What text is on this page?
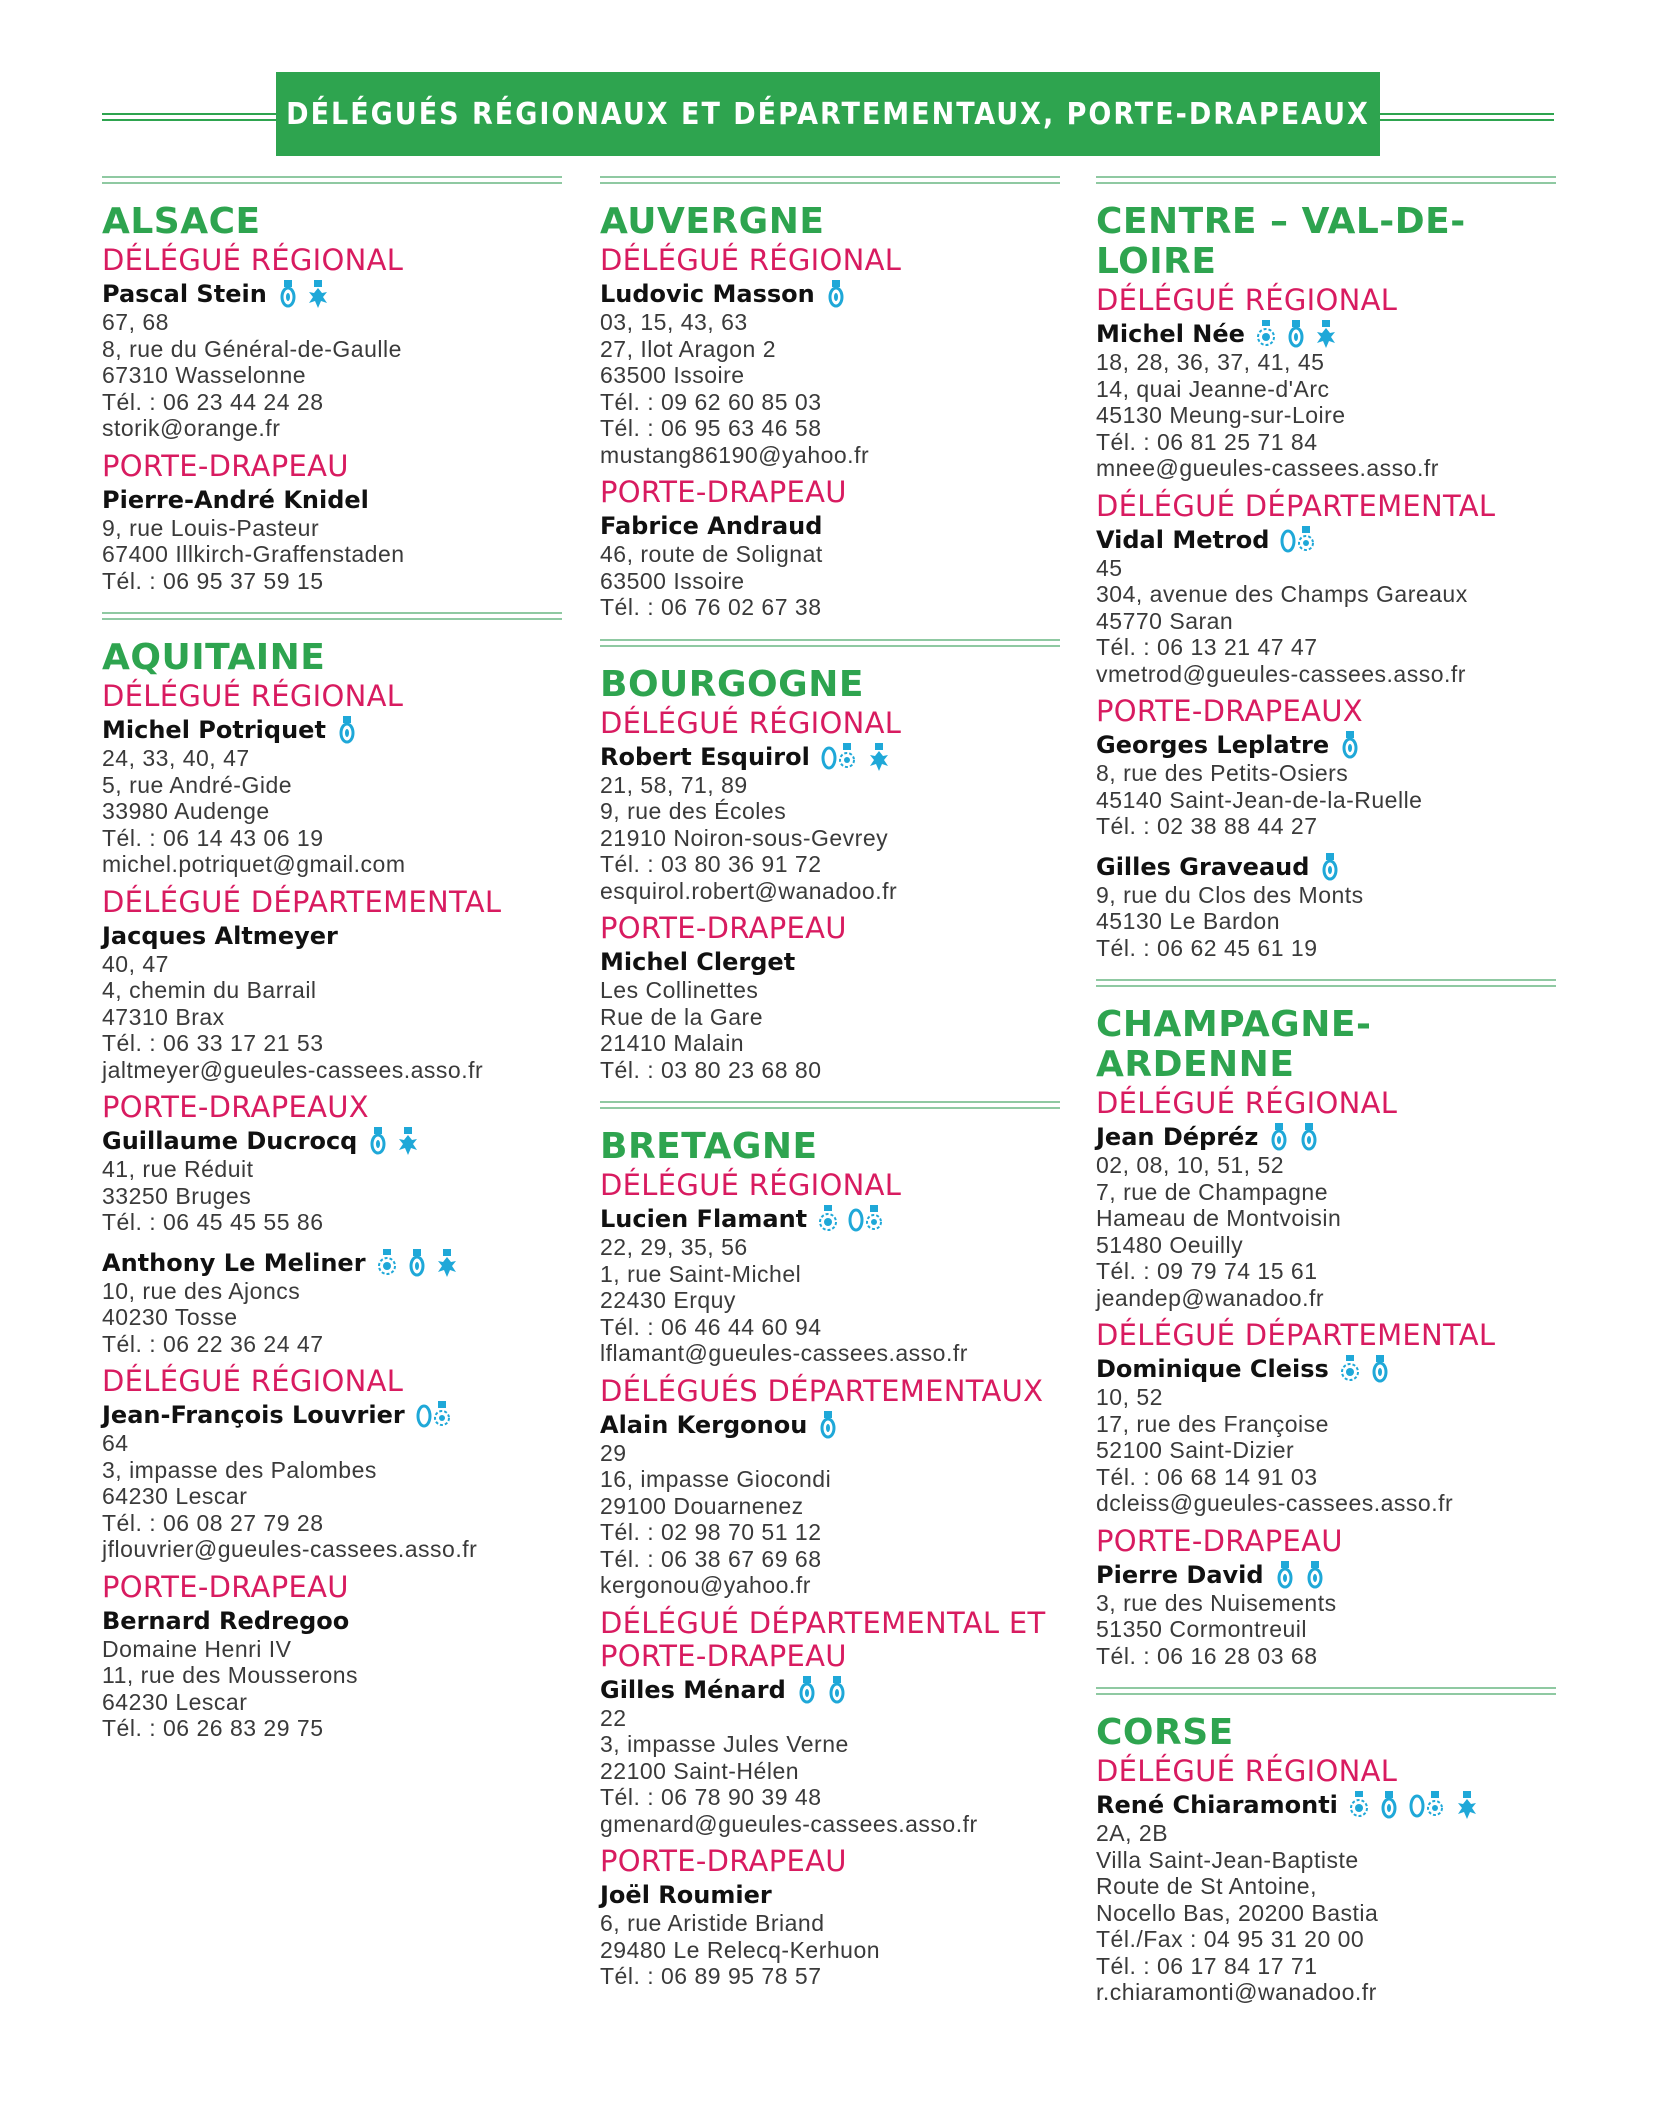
DÉLÉGUÉS RÉGIONAUX ET DÉPARTEMENTAUX, PORTE-DRAPEAUX
ALSACE
DÉLÉGUÉ RÉGIONAL
Pascal Stein
67, 68
8, rue du Général-de-Gaulle
67310 Wasselonne
Tél. : 06 23 44 24 28
storik@orange.fr
PORTE-DRAPEAU
Pierre-André Knidel
9, rue Louis-Pasteur
67400 Illkirch-Graffenstaden
Tél. : 06 95 37 59 15
AQUITAINE
DÉLÉGUÉ RÉGIONAL
Michel Potriquet
24, 33, 40, 47
5, rue André-Gide
33980 Audenge
Tél. : 06 14 43 06 19
michel.potriquet@gmail.com
DÉLÉGUÉ DÉPARTEMENTAL
Jacques Altmeyer
40, 47
4, chemin du Barrail
47310 Brax
Tél. : 06 33 17 21 53
jaltmeyer@gueules-cassees.asso.fr
PORTE-DRAPEAUX
Guillaume Ducrocq
41, rue Réduit
33250 Bruges
Tél. : 06 45 45 55 86
Anthony Le Meliner
10, rue des Ajoncs
40230 Tosse
Tél. : 06 22 36 24 47
DÉLÉGUÉ RÉGIONAL
Jean-François Louvrier
64
3, impasse des Palombes
64230 Lescar
Tél. : 06 08 27 79 28
jflouvrier@gueules-cassees.asso.fr
PORTE-DRAPEAU
Bernard Redregoo
Domaine Henri IV
11, rue des Mousserons
64230 Lescar
Tél. : 06 26 83 29 75
AUVERGNE
DÉLÉGUÉ RÉGIONAL
Ludovic Masson
03, 15, 43, 63
27, Ilot Aragon 2
63500 Issoire
Tél. : 09 62 60 85 03
Tél. : 06 95 63 46 58
mustang86190@yahoo.fr
PORTE-DRAPEAU
Fabrice Andraud
46, route de Solignat
63500 Issoire
Tél. : 06 76 02 67 38
BOURGOGNE
DÉLÉGUÉ RÉGIONAL
Robert Esquirol
21, 58, 71, 89
9, rue des Écoles
21910 Noiron-sous-Gevrey
Tél. : 03 80 36 91 72
esquirol.robert@wanadoo.fr
PORTE-DRAPEAU
Michel Clerget
Les Collinettes
Rue de la Gare
21410 Malain
Tél. : 03 80 23 68 80
BRETAGNE
DÉLÉGUÉ RÉGIONAL
Lucien Flamant
22, 29, 35, 56
1, rue Saint-Michel
22430 Erquy
Tél. : 06 46 44 60 94
lflamant@gueules-cassees.asso.fr
DÉLÉGUÉS DÉPARTEMENTAUX
Alain Kergonou
29
16, impasse Giocondi
29100 Douarnenez
Tél. : 02 98 70 51 12
Tél. : 06 38 67 69 68
kergonou@yahoo.fr
DÉLÉGUÉ DÉPARTEMENTAL ET PORTE-DRAPEAU
Gilles Ménard
22
3, impasse Jules Verne
22100 Saint-Hélen
Tél. : 06 78 90 39 48
gmenard@gueules-cassees.asso.fr
PORTE-DRAPEAU
Joël Roumier
6, rue Aristide Briand
29480 Le Relecq-Kerhuon
Tél. : 06 89 95 78 57
CENTRE – VAL-DE-LOIRE
DÉLÉGUÉ RÉGIONAL
Michel Née
18, 28, 36, 37, 41, 45
14, quai Jeanne-d'Arc
45130 Meung-sur-Loire
Tél. : 06 81 25 71 84
mnee@gueules-cassees.asso.fr
DÉLÉGUÉ DÉPARTEMENTAL
Vidal Metrod
45
304, avenue des Champs Gareaux
45770 Saran
Tél. : 06 13 21 47 47
vmetrod@gueules-cassees.asso.fr
PORTE-DRAPEAUX
Georges Leplatre
8, rue des Petits-Osiers
45140 Saint-Jean-de-la-Ruelle
Tél. : 02 38 88 44 27
Gilles Graveaud
9, rue du Clos des Monts
45130 Le Bardon
Tél. : 06 62 45 61 19
CHAMPAGNE-ARDENNE
DÉLÉGUÉ RÉGIONAL
Jean Dépréz
02, 08, 10, 51, 52
7, rue de Champagne
Hameau de Montvoisin
51480 Oeuilly
Tél. : 09 79 74 15 61
jeandep@wanadoo.fr
DÉLÉGUÉ DÉPARTEMENTAL
Dominique Cleiss
10, 52
17, rue des Françoise
52100 Saint-Dizier
Tél. : 06 68 14 91 03
dcleiss@gueules-cassees.asso.fr
PORTE-DRAPEAU
Pierre David
3, rue des Nuisements
51350 Cormontreuil
Tél. : 06 16 28 03 68
CORSE
DÉLÉGUÉ RÉGIONAL
René Chiaramonti
2A, 2B
Villa Saint-Jean-Baptiste
Route de St Antoine,
Nocello Bas, 20200 Bastia
Tél./Fax : 04 95 31 20 00
Tél. : 06 17 84 17 71
r.chiaramonti@wanadoo.fr
